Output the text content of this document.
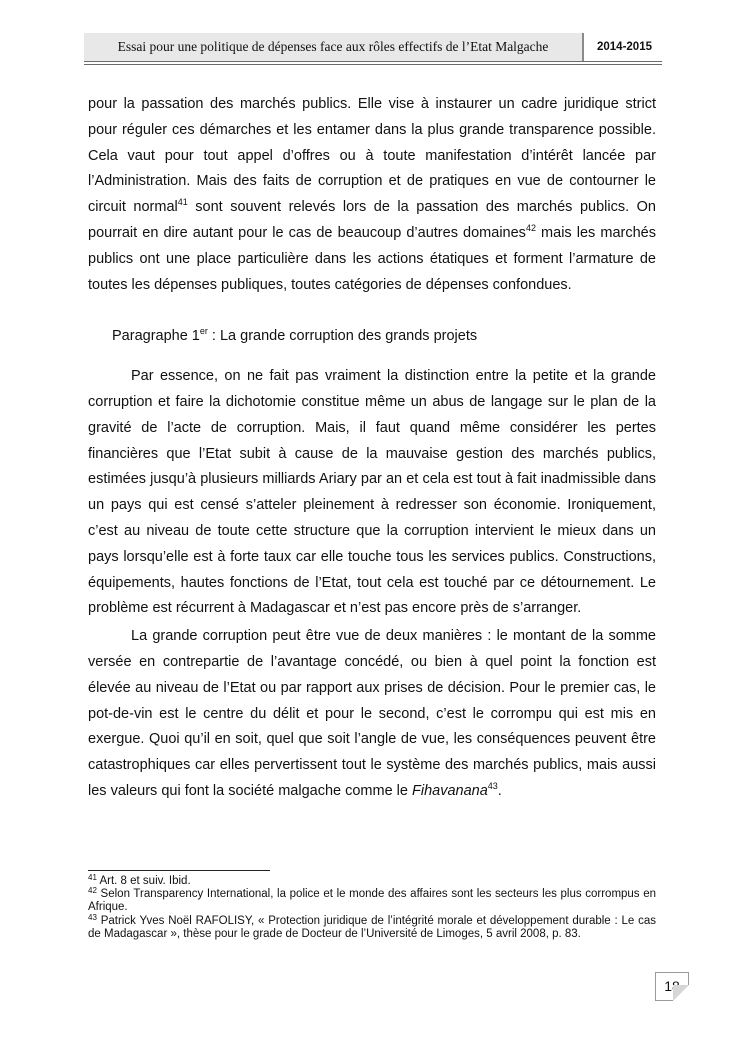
Essai pour une politique de dépenses face aux rôles effectifs de l’Etat Malgache	2014-2015

pour la passation des marchés publics. Elle vise à instaurer un cadre juridique strict pour réguler ces démarches et les entamer dans la plus grande transparence possible. Cela vaut pour tout appel d’offres ou à toute manifestation d’intérêt lancée par l’Administration. Mais des faits de corruption et de pratiques en vue de contourner le circuit normal$^{41}$ sont souvent relevés lors de la passation des marchés publics. On pourrait en dire autant pour le cas de beaucoup d’autres domaines$^{42}$ mais les marchés publics ont une place particulière dans les actions étatiques et forment l’armature de toutes les dépenses publiques, toutes catégories de dépenses confondues.

Paragraphe 1er : La grande corruption des grands projets

Par essence, on ne fait pas vraiment la distinction entre la petite et la grande corruption et faire la dichotomie constitue même un abus de langage sur le plan de la gravité de l’acte de corruption. Mais, il faut quand même considérer les pertes financières que l’Etat subit à cause de la mauvaise gestion des marchés publics, estimées jusqu’à plusieurs milliards Ariary par an et cela est tout à fait inadmissible dans un pays qui est censé s’atteler pleinement à redresser son économie. Ironiquement, c’est au niveau de toute cette structure que la corruption intervient le mieux dans un pays lorsqu’elle est à forte taux car elle touche tous les services publics. Constructions, équipements, hautes fonctions de l’Etat, tout cela est touché par ce détournement. Le problème est récurrent à Madagascar et n’est pas encore près de s’arranger.

La grande corruption peut être vue de deux manières : le montant de la somme versée en contrepartie de l’avantage concédé, ou bien à quel point la fonction est élevée au niveau de l’Etat ou par rapport aux prises de décision. Pour le premier cas, le pot-de-vin est le centre du délit et pour le second, c’est le corrompu qui est mis en exergue. Quoi qu’il en soit, quel que soit l’angle de vue, les conséquences peuvent être catastrophiques car elles pervertissent tout le système des marchés publics, mais aussi les valeurs qui font la société malgache comme le Fihavanana$^{43}$.

$^{41}$ Art. 8 et suiv. Ibid.

$^{42}$ Selon Transparency International, la police et le monde des affaires sont les secteurs les plus corrompus en Afrique.

$^{43}$ Patrick Yves Noël RAFOLISY, « Protection juridique de l’intégrité morale et développement durable : Le cas de Madagascar », thèse pour le grade de Docteur de l’Université de Limoges, 5 avril 2008, p. 83.

18
